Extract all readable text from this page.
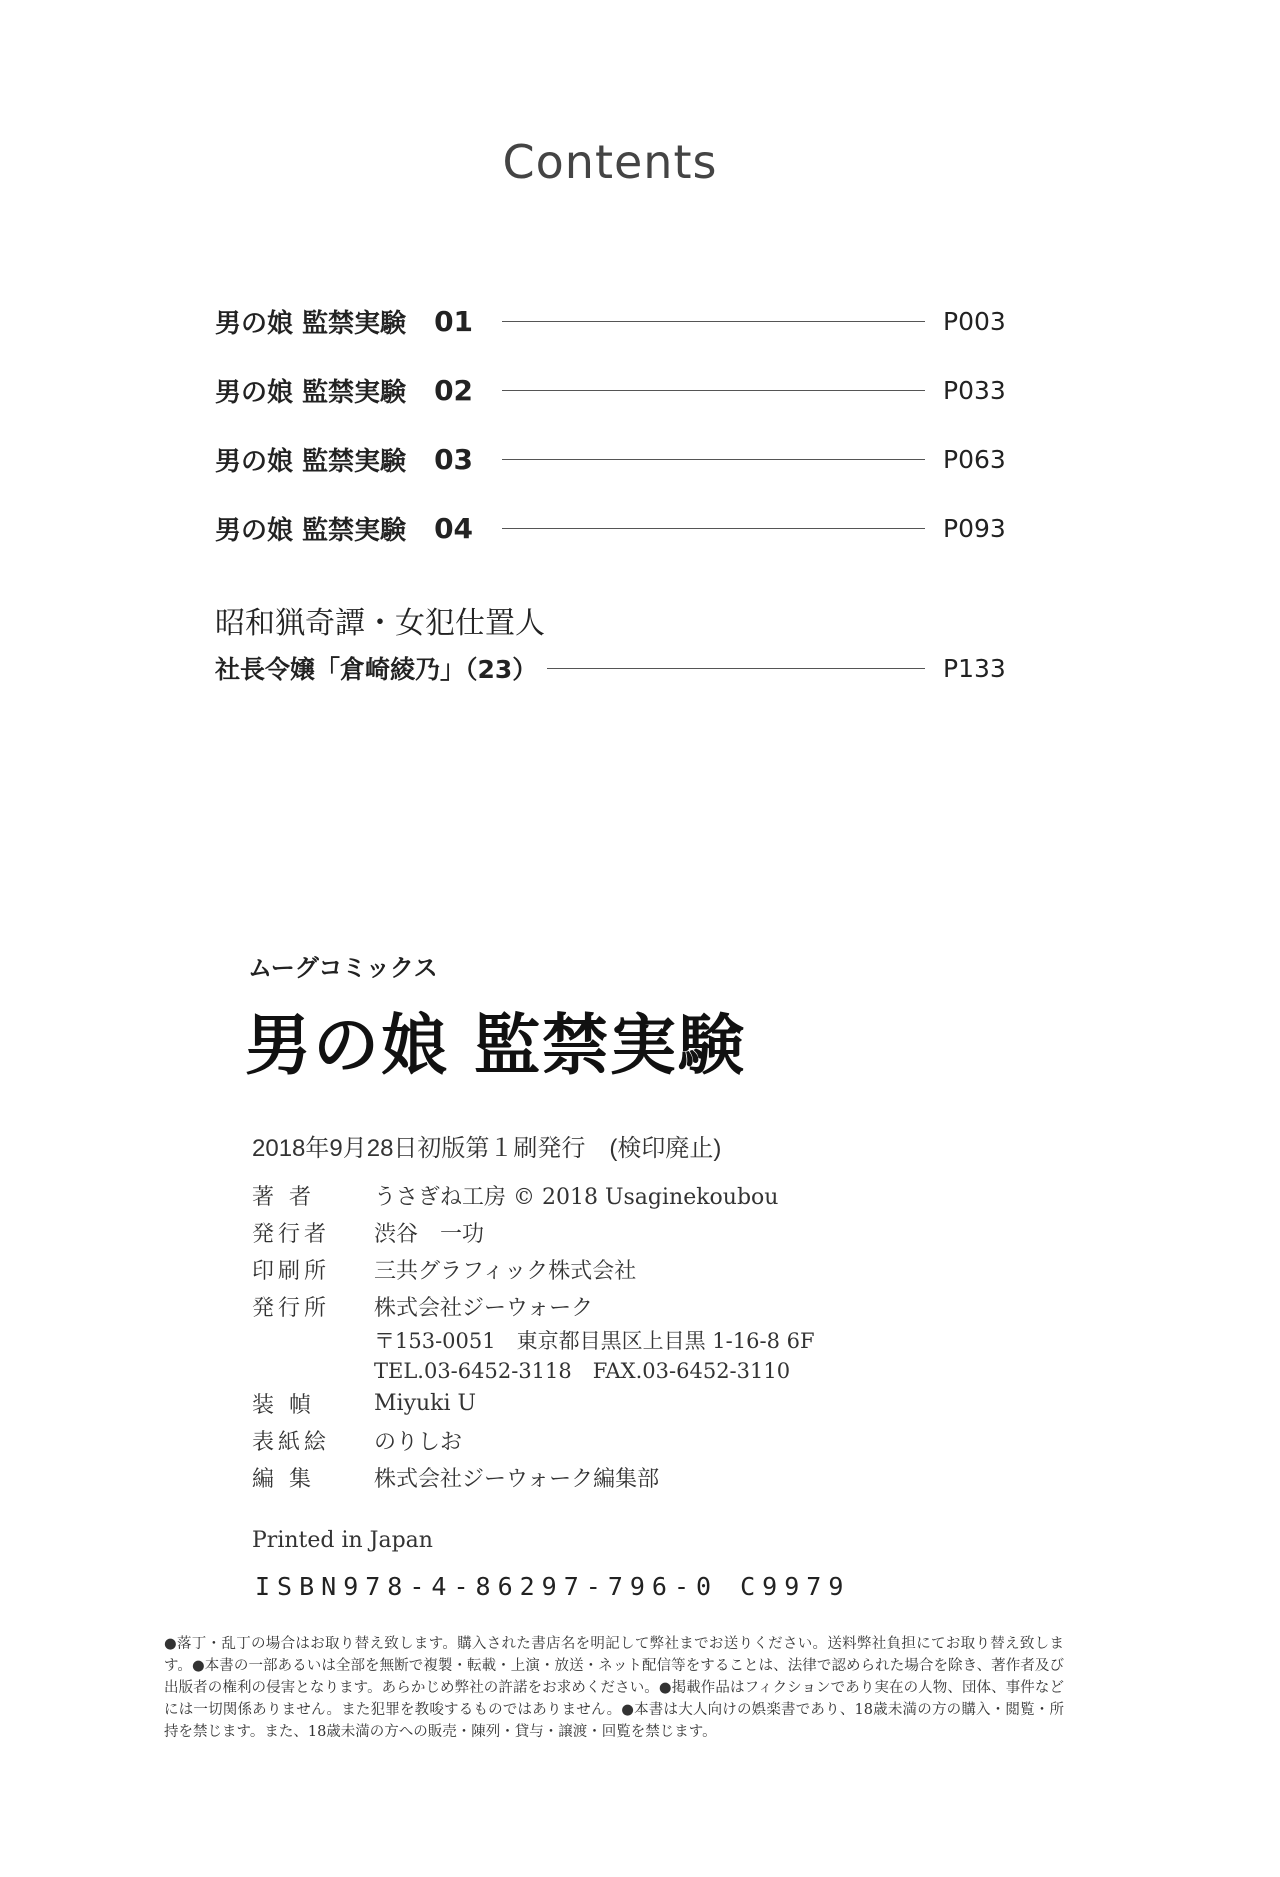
Contents
男の娘 監禁実験 01	P003
男の娘 監禁実験 02	P033
男の娘 監禁実験 03	P063
男の娘 監禁実験 04	P093
昭和猟奇譚・女犯仕置人
社長令嬢「倉崎綾乃」（23）	P133
ムーグコミックス
男の娘 監禁実験
2018年9月28日初版第１刷発行　(検印廃止)
著 者	うさぎね工房 © 2018 Usaginekoubou
発行者	渋谷　一功
印刷所	三共グラフィック株式会社
発行所	株式会社ジーウォーク
〒153-0051　東京都目黒区上目黒 1-16-8 6F
TEL.03-6452-3118　FAX.03-6452-3110
装 幀	Miyuki U
表紙絵	のりしお
編 集	株式会社ジーウォーク編集部
Printed in Japan
ISBN978-4-86297-796-0 C9979
●落丁・乱丁の場合はお取り替え致します。購入された書店名を明記して弊社までお送りください。送料弊社負担にてお取り替え致します。●本書の一部あるいは全部を無断で複製・転載・上演・放送・ネット配信等をすることは、法律で認められた場合を除き、著作者及び出版者の権利の侵害となります。あらかじめ弊社の許諾をお求めください。●掲載作品はフィクションであり実在の人物、団体、事件などには一切関係ありません。また犯罪を教唆するものではありません。●本書は大人向けの娯楽書であり、18歳未満の方の購入・閲覧・所持を禁じます。また、18歳未満の方への販売・陳列・貸与・譲渡・回覧を禁じます。
